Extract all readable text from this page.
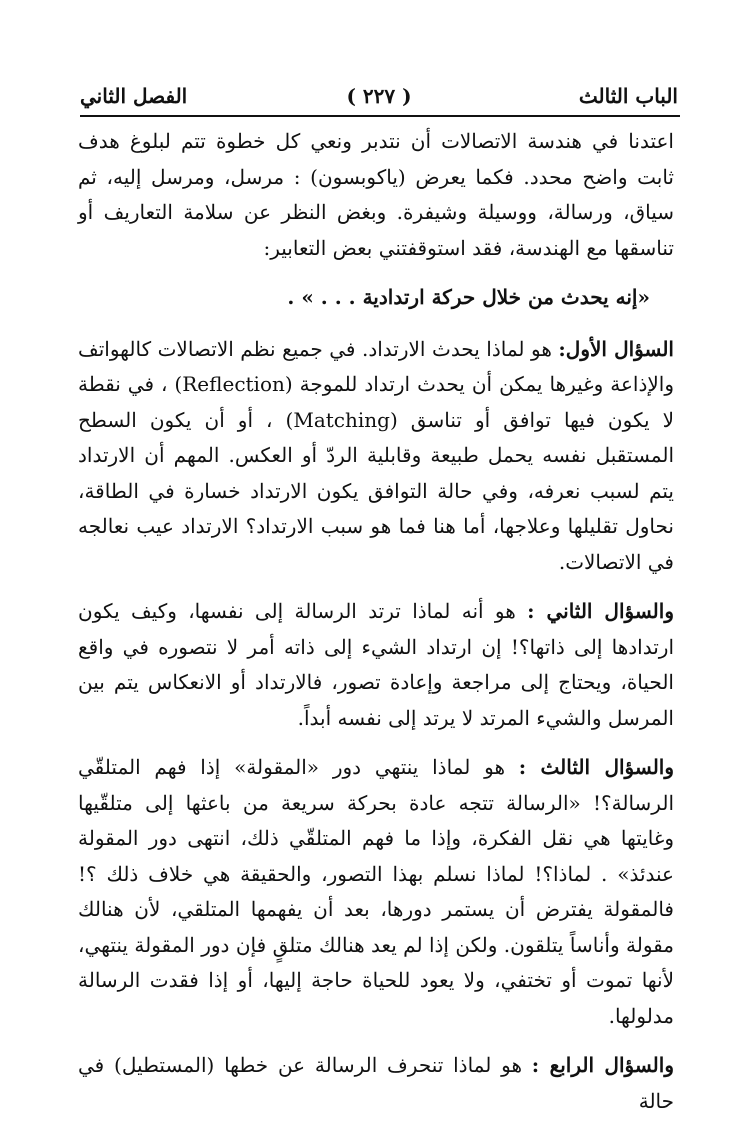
الباب الثالث
( ٢٢٧ )
الفصل الثاني

اعتدنا في هندسة الاتصالات أن نتدبر ونعي كل خطوة تتم لبلوغ هدف ثابت واضح محدد. فكما يعرض (ياكوبسون) : مرسل، ومرسل إليه، ثم سياق، ورسالة، ووسيلة وشيفرة. وبغض النظر عن سلامة التعاريف أو تناسقها مع الهندسة، فقد استوقفتني بعض التعابير:

«إنه يحدث من خلال حركة ارتدادية . . . » .

السؤال الأول: هو لماذا يحدث الارتداد. في جميع نظم الاتصالات كالهواتف والإذاعة وغيرها يمكن أن يحدث ارتداد للموجة (Reflection) ، في نقطة لا يكون فيها توافق أو تناسق (Matching) ، أو أن يكون السطح المستقبل نفسه يحمل طبيعة وقابلية الردّ أو العكس. المهم أن الارتداد يتم لسبب نعرفه، وفي حالة التوافق يكون الارتداد خسارة في الطاقة، نحاول تقليلها وعلاجها، أما هنا فما هو سبب الارتداد؟ الارتداد عيب نعالجه في الاتصالات.

والسؤال الثاني : هو أنه لماذا ترتد الرسالة إلى نفسها، وكيف يكون ارتدادها إلى ذاتها؟! إن ارتداد الشيء إلى ذاته أمر لا نتصوره في واقع الحياة، ويحتاج إلى مراجعة وإعادة تصور، فالارتداد أو الانعكاس يتم بين المرسل والشيء المرتد لا يرتد إلى نفسه أبداً.

والسؤال الثالث : هو لماذا ينتهي دور «المقولة» إذا فهم المتلقّي الرسالة؟! «الرسالة تتجه عادة بحركة سريعة من باعثها إلى متلقّيها وغايتها هي نقل الفكرة، وإذا ما فهم المتلقّي ذلك، انتهى دور المقولة عندئذ» . لماذا؟! لماذا نسلم بهذا التصور، والحقيقة هي خلاف ذلك ؟! فالمقولة يفترض أن يستمر دورها، بعد أن يفهمها المتلقي، لأن هنالك مقولة وأناساً يتلقون. ولكن إذا لم يعد هنالك متلقٍ فإن دور المقولة ينتهي، لأنها تموت أو تختفي، ولا يعود للحياة حاجة إليها، أو إذا فقدت الرسالة مدلولها.

والسؤال الرابع : هو لماذا تنحرف الرسالة عن خطها (المستطيل) في حالة
